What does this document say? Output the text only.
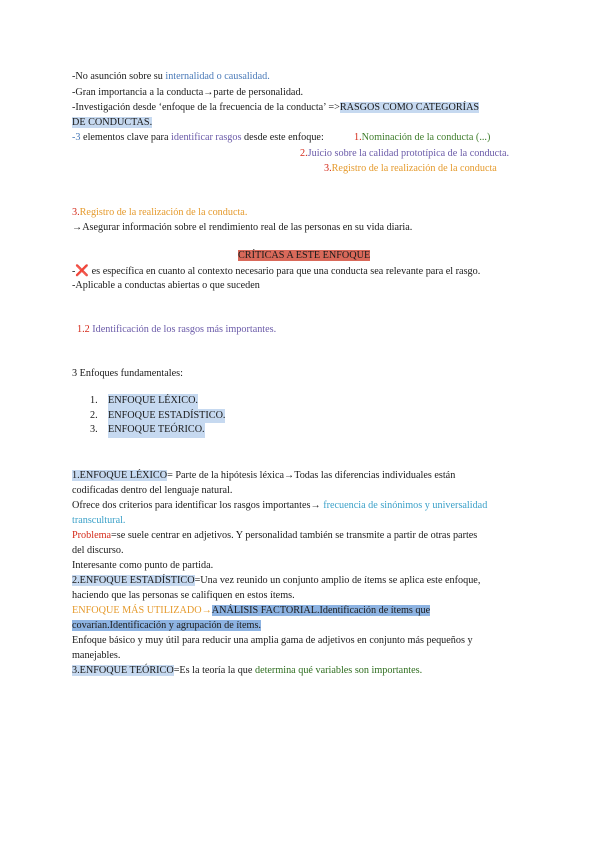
-No asunción sobre su internalidad o causalidad.
-Gran importancia a la conducta→parte de personalidad.
-Investigación desde ‘enfoque de la frecuencia de la conducta’ =>RASGOS COMO CATEGORÍAS
DE CONDUCTAS.
-3 elementos clave para identificar rasgos desde este enfoque:	1.Nominación de la conducta (...)
2.Juicio sobre la calidad prototípica de la conducta.
3.Registro de la realización de la conducta
3.Registro de la realización de la conducta.
→Asegurar información sobre el rendimiento real de las personas en su vida diaria.
CRÍTICAS A ESTE ENFOQUE
-❌ es específica en cuanto al contexto necesario para que una conducta sea relevante para el rasgo.
-Aplicable a conductas abiertas o que suceden
1.2 Identificación de los rasgos más importantes.
3 Enfoques fundamentales:
1.	ENFOQUE LÉXICO.
2.	ENFOQUE ESTADÍSTICO.
3.	ENFOQUE TEÓRICO.
1.ENFOQUE LÉXICO= Parte de la hipótesis léxica→Todas las diferencias individuales están
codificadas dentro del lenguaje natural.
Ofrece dos criterios para identificar los rasgos importantes→ frecuencia de sinónimos y universalidad
transcultural.
Problema=se suele centrar en adjetivos. Y personalidad también se transmite a partir de otras partes
del discurso.
Interesante como punto de partida.
2.ENFOQUE ESTADÍSTICO=Una vez reunido un conjunto amplio de ítems se aplica este enfoque,
haciendo que las personas se califiquen en estos ítems.
ENFOQUE MÁS UTILIZADO→ANÁLISIS FACTORIAL.Identificación de ítems que
covarían.Identificación y agrupación de ítems.
Enfoque básico y muy útil para reducir una amplia gama de adjetivos en conjunto más pequeños y
manejables.
3.ENFOQUE TEÓRICO=Es la teoría la que determina qué variables son importantes.
